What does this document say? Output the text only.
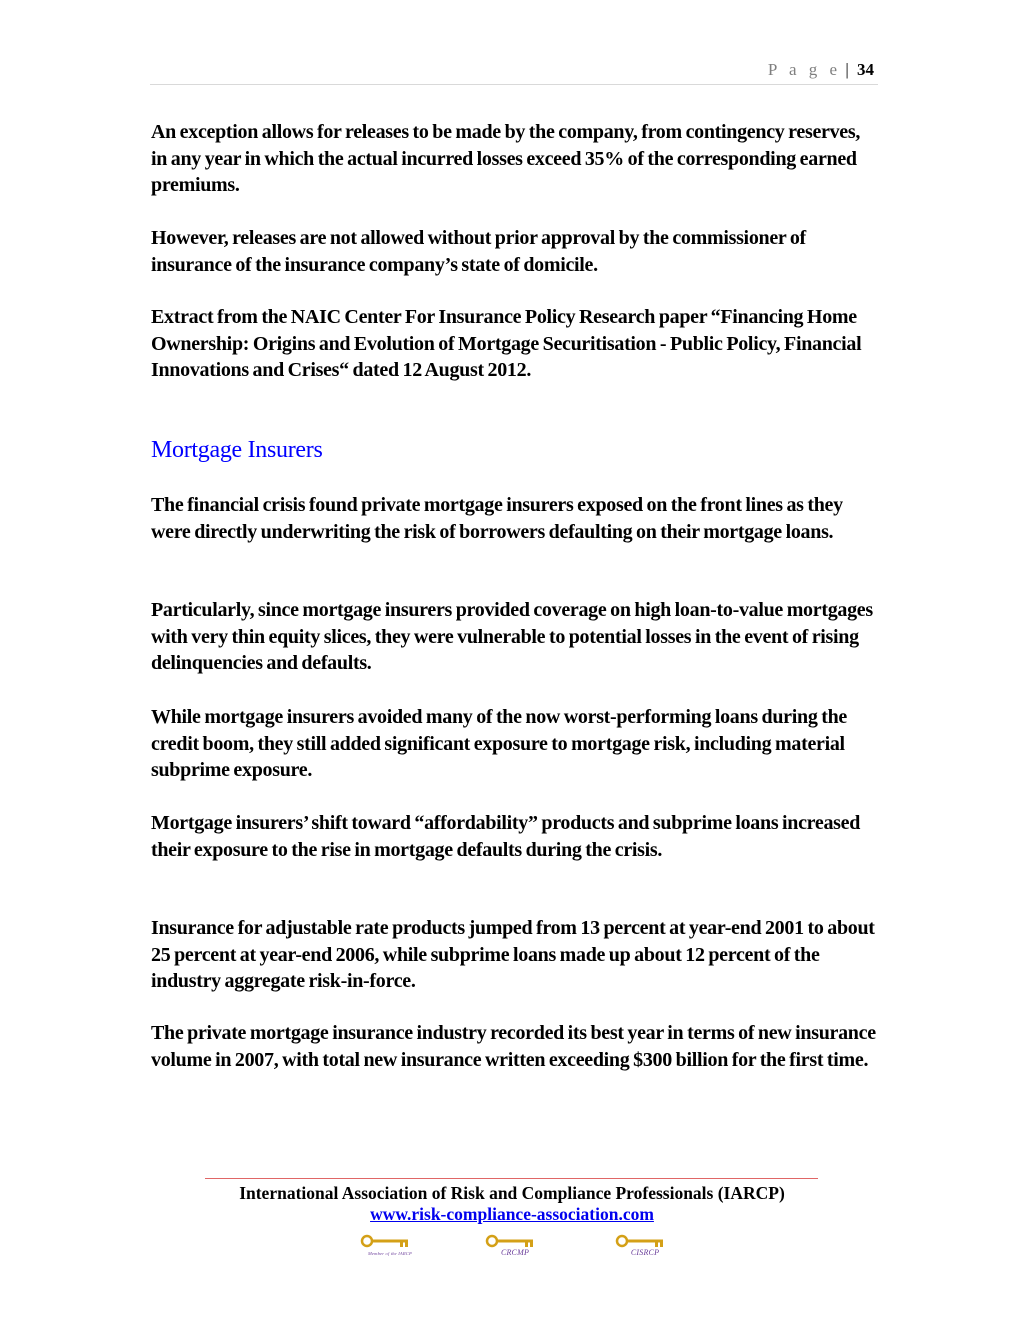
P a g e | 34

An exception allows for releases to be made by the company, from contingency reserves, in any year in which the actual incurred losses exceed 35% of the corresponding earned premiums.

However, releases are not allowed without prior approval by the commissioner of insurance of the insurance company’s state of domicile.

Extract from the NAIC Center For Insurance Policy Research paper “Financing Home Ownership: Origins and Evolution of Mortgage Securitisation - Public Policy, Financial Innovations and Crises“ dated 12 August 2012.

Mortgage Insurers

The financial crisis found private mortgage insurers exposed on the front lines as they were directly underwriting the risk of borrowers defaulting on their mortgage loans.

Particularly, since mortgage insurers provided coverage on high loan-to-value mortgages with very thin equity slices, they were vulnerable to potential losses in the event of rising delinquencies and defaults.

While mortgage insurers avoided many of the now worst-performing loans during the credit boom, they still added significant exposure to mortgage risk, including material subprime exposure.

Mortgage insurers’ shift toward “affordability” products and subprime loans increased their exposure to the rise in mortgage defaults during the crisis.

Insurance for adjustable rate products jumped from 13 percent at year-end 2001 to about 25 percent at year-end 2006, while subprime loans made up about 12 percent of the industry aggregate risk-in-force.

The private mortgage insurance industry recorded its best year in terms of new insurance volume in 2007, with total new insurance written exceeding $300 billion for the first time.

International Association of Risk and Compliance Professionals (IARCP)
www.risk-compliance-association.com
Member of the IARCP	CRCMP	CISRCP
